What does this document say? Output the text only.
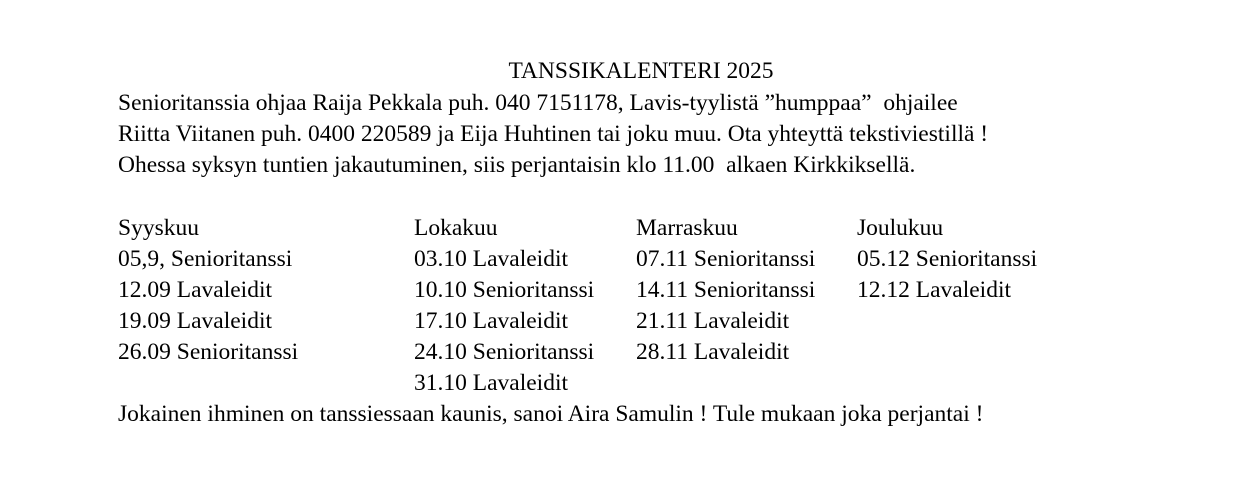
TANSSIKALENTERI 2025
Senioritanssia ohjaa Raija Pekkala puh. 040 7151178, Lavis-tyylistä ”humppaa”  ohjailee
Riitta Viitanen puh. 0400 220589 ja Eija Huhtinen tai joku muu. Ota yhteyttä tekstiviestillä !
Ohessa syksyn tuntien jakautuminen, siis perjantaisin klo 11.00  alkaen Kirkkiksellä.
Syyskuu
05,9, Senioritanssi
12.09 Lavaleidit
19.09 Lavaleidit
26.09 Senioritanssi
Lokakuu
03.10 Lavaleidit
10.10 Senioritanssi
17.10 Lavaleidit
24.10 Senioritanssi
31.10 Lavaleidit
Marraskuu
07.11 Senioritanssi
14.11 Senioritanssi
21.11 Lavaleidit
28.11 Lavaleidit
Joulukuu
05.12 Senioritanssi
12.12 Lavaleidit
Jokainen ihminen on tanssiessaan kaunis, sanoi Aira Samulin ! Tule mukaan joka perjantai !
